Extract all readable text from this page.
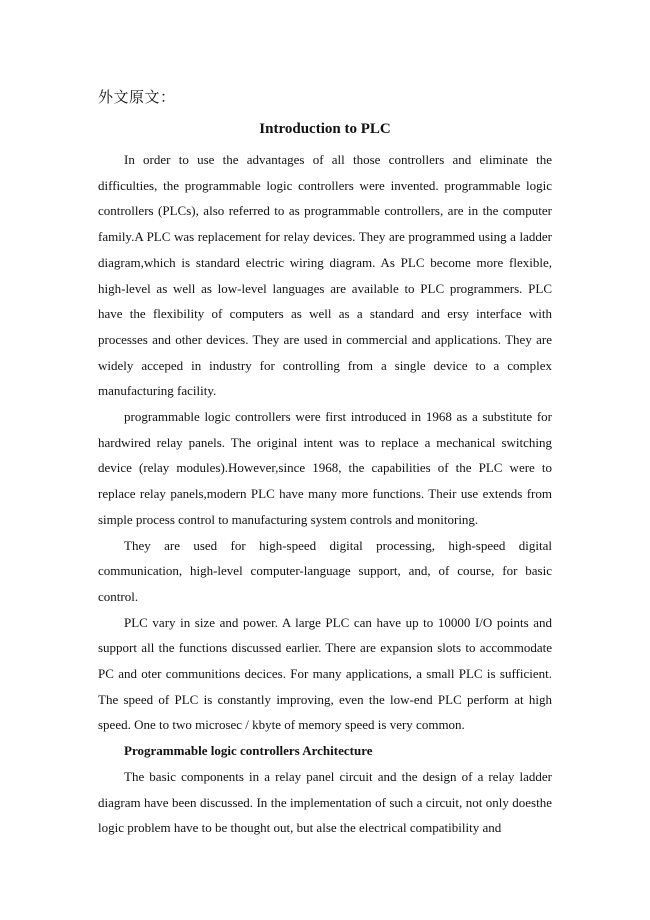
外文原文：
Introduction to PLC

In order to use the advantages of all those controllers and eliminate the difficulties, the programmable logic controllers were invented. programmable logic controllers (PLCs), also referred to as programmable controllers, are in the computer family.A PLC was replacement for relay devices. They are programmed using a ladder diagram,which is standard electric wiring diagram. As PLC become more flexible, high-level as well as low-level languages are available to PLC programmers. PLC have the flexibility of computers as well as a standard and ersy interface with processes and other devices. They are used in commercial and applications. They are widely acceped in industry for controlling from a single device to a complex manufacturing facility.

programmable logic controllers were first introduced in 1968 as a substitute for hardwired relay panels. The original intent was to replace a mechanical switching device (relay modules).However,since 1968, the capabilities of the PLC were to replace relay panels,modern PLC have many more functions. Their use extends from simple process control to manufacturing system controls and monitoring.

They are used for high-speed digital processing, high-speed digital communication, high-level computer-language support, and, of course, for basic control.

PLC vary in size and power. A large PLC can have up to 10000 I/O points and support all the functions discussed earlier. There are expansion slots to accommodate PC and oter communitions decices. For many applications, a small PLC is sufficient. The speed of PLC is constantly improving, even the low-end PLC perform at high speed. One to two microsec / kbyte of memory speed is very common.

Programmable logic controllers Architecture

The basic components in a relay panel circuit and the design of a relay ladder diagram have been discussed. In the implementation of such a circuit, not only doesthe logic problem have to be thought out, but alse the electrical compatibility and
